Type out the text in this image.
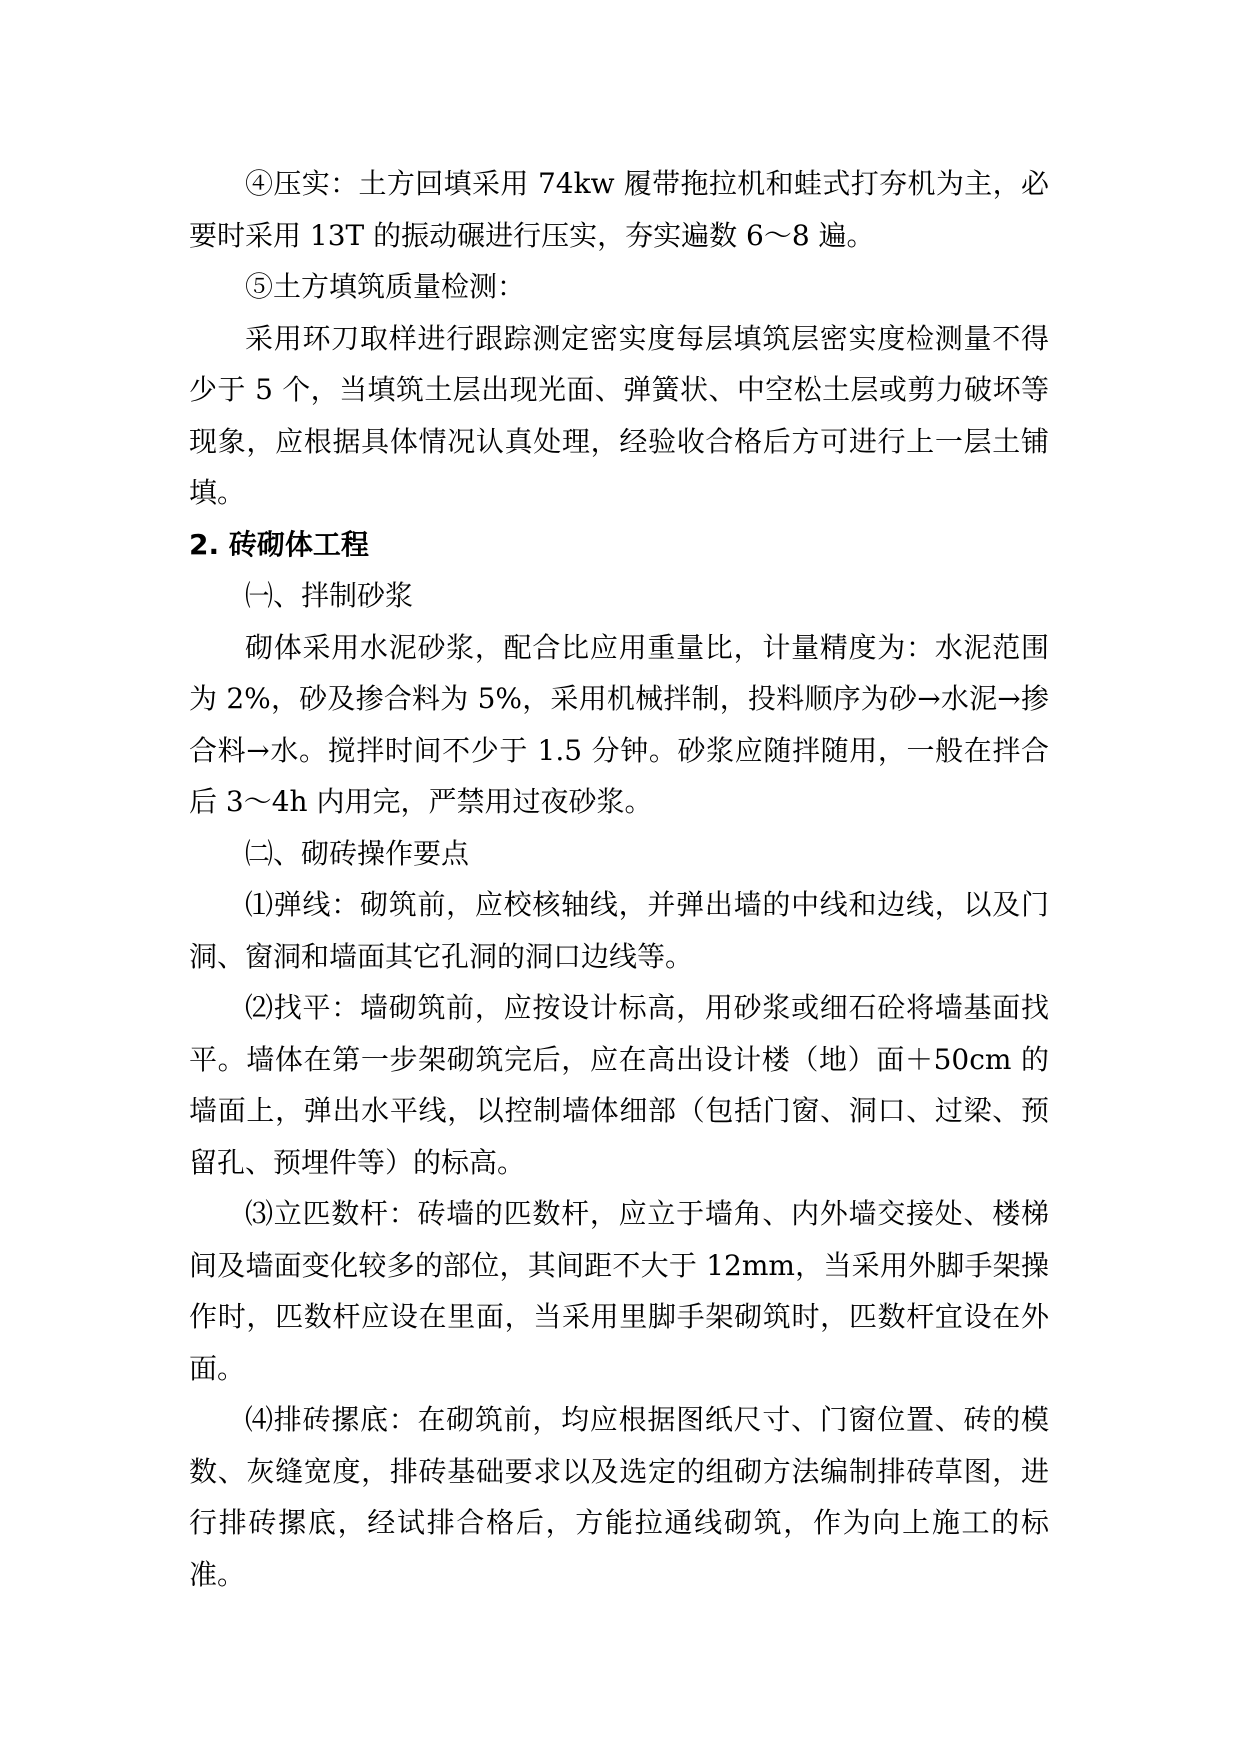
④压实：土方回填采用 74kw 履带拖拉机和蛙式打夯机为主，必要时采用 13T 的振动碾进行压实，夯实遍数 6～8 遍。

⑤土方填筑质量检测：

采用环刀取样进行跟踪测定密实度每层填筑层密实度检测量不得少于 5 个，当填筑土层出现光面、弹簧状、中空松土层或剪力破坏等现象，应根据具体情况认真处理，经验收合格后方可进行上一层土铺填。

2. 砖砌体工程

㈠、拌制砂浆

砌体采用水泥砂浆，配合比应用重量比，计量精度为：水泥范围为 2%，砂及掺合料为 5%，采用机械拌制，投料顺序为砂→水泥→掺合料→水。搅拌时间不少于 1.5 分钟。砂浆应随拌随用，一般在拌合后 3～4h 内用完，严禁用过夜砂浆。

㈡、砌砖操作要点

⑴弹线：砌筑前，应校核轴线，并弹出墙的中线和边线，以及门洞、窗洞和墙面其它孔洞的洞口边线等。

⑵找平：墙砌筑前，应按设计标高，用砂浆或细石砼将墙基面找平。墙体在第一步架砌筑完后，应在高出设计楼（地）面＋50cm 的墙面上，弹出水平线，以控制墙体细部（包括门窗、洞口、过梁、预留孔、预埋件等）的标高。

⑶立匹数杆：砖墙的匹数杆，应立于墙角、内外墙交接处、楼梯间及墙面变化较多的部位，其间距不大于 12mm，当采用外脚手架操作时，匹数杆应设在里面，当采用里脚手架砌筑时，匹数杆宜设在外面。

⑷排砖摞底：在砌筑前，均应根据图纸尺寸、门窗位置、砖的模数、灰缝宽度，排砖基础要求以及选定的组砌方法编制排砖草图，进行排砖摞底，经试排合格后，方能拉通线砌筑，作为向上施工的标准。
